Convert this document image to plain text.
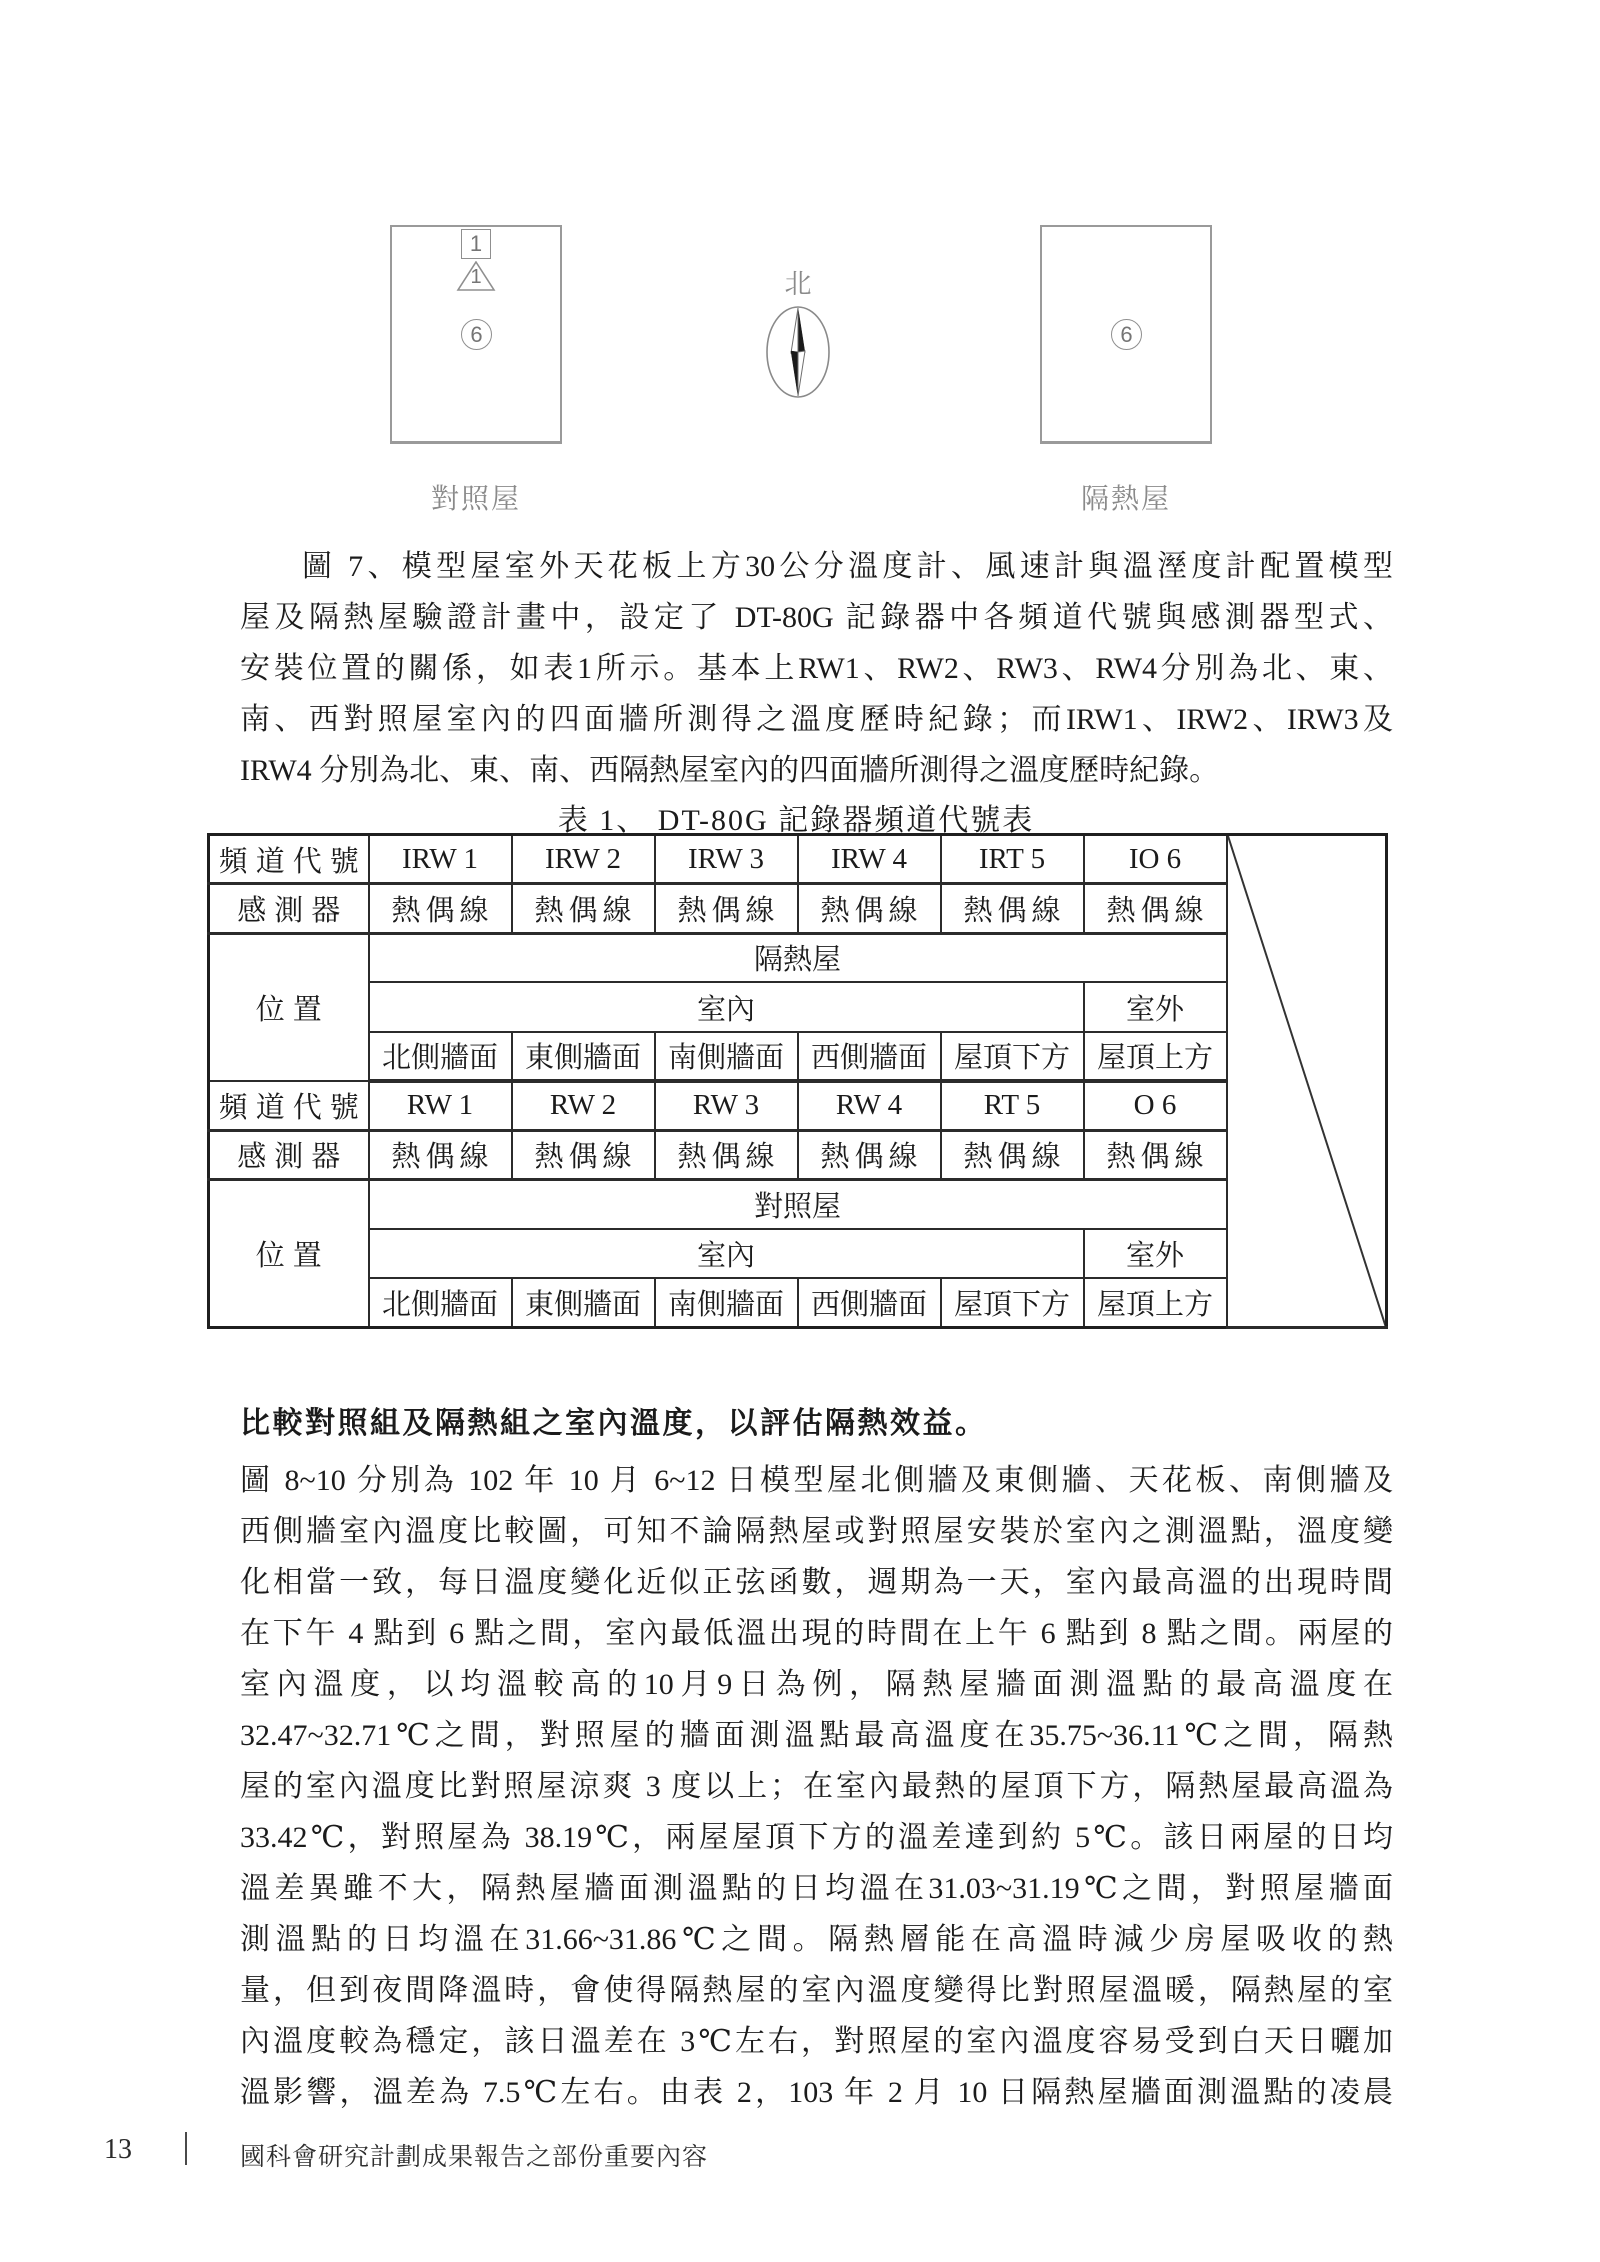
1
1
6
北
6
對照屋	隔熱屋
圖 7、模型屋室外天花板上方30公分溫度計、風速計與溫溼度計配置模型
屋及隔熱屋驗證計畫中，設定了 DT-80G 記錄器中各頻道代號與感測器型式、
安裝位置的關係，如表1所示。基本上RW1、RW2、RW3、RW4分別為北、東、
南、西對照屋室內的四面牆所測得之溫度歷時紀錄；而IRW1、IRW2、IRW3及
IRW4 分別為北、東、南、西隔熱屋室內的四面牆所測得之溫度歷時紀錄。
表 1、 DT-80G 記錄器頻道代號表
頻道代號	IRW 1	IRW 2	IRW 3	IRW 4	IRT 5	IO 6	

感測器	熱偶線	熱偶線	熱偶線	熱偶線	熱偶線	熱偶線	
位置	隔熱屋						
	室內					室外	
	北側牆面	東側牆面	南側牆面	西側牆面	屋頂下方	屋頂上方	
頻道代號	RW 1	RW 2	RW 3	RW 4	RT 5	O 6	
感測器	熱偶線	熱偶線	熱偶線	熱偶線	熱偶線	熱偶線	
位置	對照屋						
	室內					室外	
	北側牆面	東側牆面	南側牆面	西側牆面	屋頂下方	屋頂上方	
比較對照組及隔熱組之室內溫度，以評估隔熱效益。
圖 8~10 分別為 102 年 10 月 6~12 日模型屋北側牆及東側牆、天花板、南側牆及
西側牆室內溫度比較圖，可知不論隔熱屋或對照屋安裝於室內之測溫點，溫度變
化相當一致，每日溫度變化近似正弦函數，週期為一天，室內最高溫的出現時間
在下午 4 點到 6 點之間，室內最低溫出現的時間在上午 6 點到 8 點之間。兩屋的
室內溫度，以均溫較高的10月9日為例，隔熱屋牆面測溫點的最高溫度在
32.47~32.71℃之間，對照屋的牆面測溫點最高溫度在35.75~36.11℃之間，隔熱
屋的室內溫度比對照屋涼爽 3 度以上；在室內最熱的屋頂下方，隔熱屋最高溫為
33.42℃，對照屋為 38.19℃，兩屋屋頂下方的溫差達到約 5℃。該日兩屋的日均
溫差異雖不大，隔熱屋牆面測溫點的日均溫在31.03~31.19℃之間，對照屋牆面
測溫點的日均溫在31.66~31.86℃之間。隔熱層能在高溫時減少房屋吸收的熱
量，但到夜間降溫時，會使得隔熱屋的室內溫度變得比對照屋溫暖，隔熱屋的室
內溫度較為穩定，該日溫差在 3℃左右，對照屋的室內溫度容易受到白天日曬加
溫影響，溫差為 7.5℃左右。由表 2，103 年 2 月 10 日隔熱屋牆面測溫點的凌晨
13	國科會研究計劃成果報告之部份重要內容
